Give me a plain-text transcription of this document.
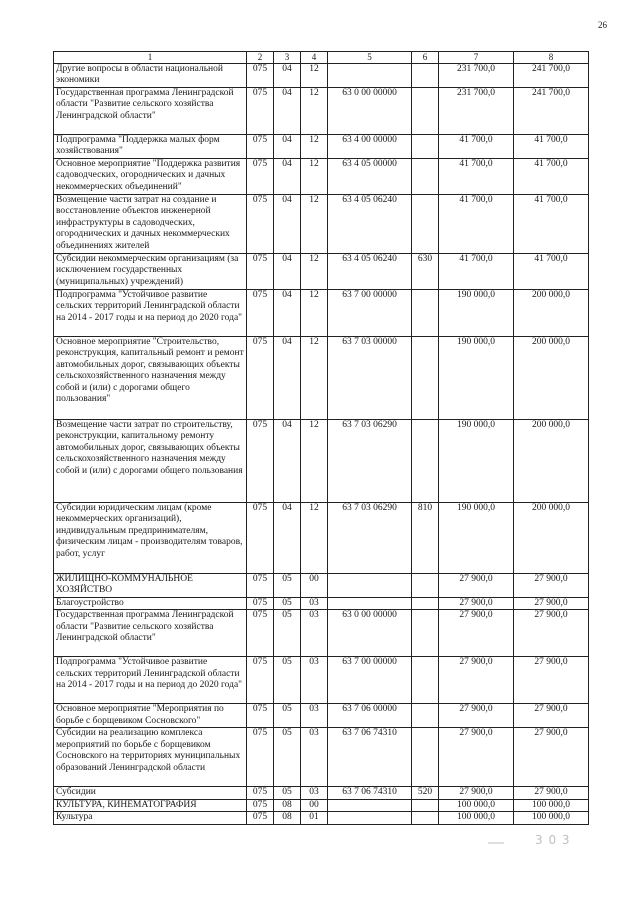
26
1	2	3	4	5	6	7	8
Другие вопросы в области национальной экономики	075	04	12			231 700,0	241 700,0
Государственная программа Ленинградской области "Развитие сельского хозяйства Ленинградской области"	075	04	12	63 0 00 00000		231 700,0	241 700,0
Подпрограмма "Поддержка малых форм хозяйствования"	075	04	12	63 4 00 00000		41 700,0	41 700,0
Основное мероприятие "Поддержка развития садоводческих, огороднических и дачных некоммерческих объединений"	075	04	12	63 4 05 00000		41 700,0	41 700,0
Возмещение части затрат на создание и восстановление объектов инженерной инфраструктуры в садоводческих, огороднических и дачных некоммерческих объединениях жителей	075	04	12	63 4 05 06240		41 700,0	41 700,0
Субсидии некоммерческим организациям (за исключением государственных (муниципальных) учреждений)	075	04	12	63 4 05 06240	630	41 700,0	41 700,0
Подпрограмма "Устойчивое развитие сельских территорий Ленинградской области на 2014 - 2017 годы и на период до 2020 года"	075	04	12	63 7 00 00000		190 000,0	200 000,0
Основное мероприятие "Строительство, реконструкция, капитальный ремонт и ремонт автомобильных дорог, связывающих объекты сельскохозяйственного назначения между собой и (или) с дорогами общего пользования"	075	04	12	63 7 03 00000		190 000,0	200 000,0
Возмещение части затрат по строительству, реконструкции, капитальному ремонту автомобильных дорог, связывающих объекты сельскохозяйственного назначения между собой и (или) с дорогами общего пользования	075	04	12	63 7 03 06290		190 000,0	200 000,0
Субсидии юридическим лицам (кроме некоммерческих организаций), индивидуальным предпринимателям, физическим лицам - производителям товаров, работ, услуг	075	04	12	63 7 03 06290	810	190 000,0	200 000,0
ЖИЛИЩНО-КОММУНАЛЬНОЕ ХОЗЯЙСТВО	075	05	00			27 900,0	27 900,0
Благоустройство	075	05	03			27 900,0	27 900,0
Государственная программа Ленинградской области "Развитие сельского хозяйства Ленинградской области"	075	05	03	63 0 00 00000		27 900,0	27 900,0
Подпрограмма "Устойчивое развитие сельских территорий Ленинградской области на 2014 - 2017 годы и на период до 2020 года"	075	05	03	63 7 00 00000		27 900,0	27 900,0
Основное мероприятие "Мероприятия по борьбе с борщевиком Сосновского"	075	05	03	63 7 06 00000		27 900,0	27 900,0
Субсидии на реализацию комплекса мероприятий по борьбе с борщевиком Сосновского на территориях муниципальных образований Ленинградской области	075	05	03	63 7 06 74310		27 900,0	27 900,0
Субсидии	075	05	03	63 7 06 74310	520	27 900,0	27 900,0
КУЛЬТУРА, КИНЕМАТОГРАФИЯ	075	08	00			100 000,0	100 000,0
Культура	075	08	01			100 000,0	100 000,0
3 0 3
